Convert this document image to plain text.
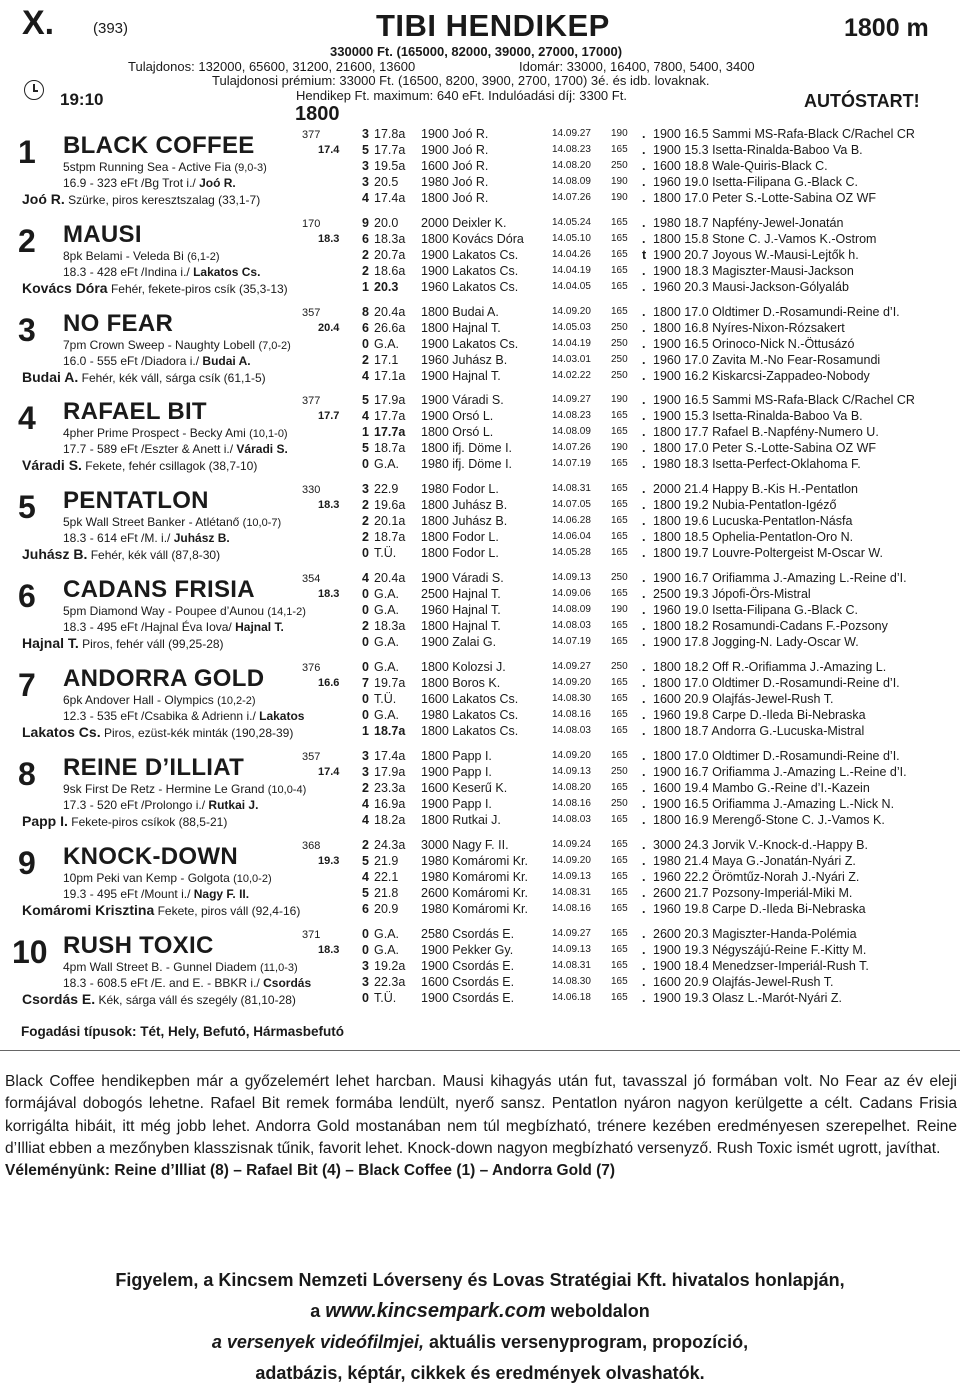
X.	(393)	TIBI HENDIKEP	1800 m
330000 Ft. (165000, 82000, 39000, 27000, 17000)
Tulajdonos: 132000, 65600, 31200, 21600, 13600	Idomár: 33000, 16400, 7800, 5400, 3400
Tulajdonosi prémium: 33000 Ft. (16500, 8200, 3900, 2700, 1700) 3é. és idb. lovaknak.
Hendikep Ft. maximum: 640 eFt. Indulóadási díj: 3300 Ft.
19:10	AUTÓSTART!
1800
1 BLACK COFFEE	377
17.4
5stpm Running Sea - Active Fia (9,0-3)
16.9 - 323 eFt /Bg Trot i./ Joó R.
Joó R. Szürke, piros keresztszalag (33,1-7)
3 17.8a 1900 Joó R.	14.09.27 190 . 1900 16.5 Sammi MS-Rafa-Black C/Rachel CR
5 17.7a 1900 Joó R.	14.08.23 165 . 1900 15.3 Isetta-Rinalda-Baboo Va B.
3 19.5a 1600 Joó R.	14.08.20 250 . 1600 18.8 Wale-Quiris-Black C.
3 20.5 1980 Joó R.	14.08.09 190 . 1960 19.0 Isetta-Filipana G.-Black C.
4 17.4a 1800 Joó R.	14.07.26 190 . 1800 17.0 Peter S.-Lotte-Sabina OZ WF
2 MAUSI	170
18.3
8pk Belami - Veleda Bi (6,1-2)
18.3 - 428 eFt /Indina i./ Lakatos Cs.
Kovács Dóra Fehér, fekete-piros csík (35,3-13)
9 20.0 2000 Deixler K.	14.05.24 165 . 1980 18.7 Napfény-Jewel-Jonatán
6 18.3a 1800 Kovács Dóra	14.05.10 165 . 1800 15.8 Stone C. J.-Vamos K.-Ostrom
2 20.7a 1900 Lakatos Cs.	14.04.26 165 t 1900 20.7 Joyous W.-Mausi-Lejtők h.
2 18.6a 1900 Lakatos Cs.	14.04.19 165 . 1900 18.3 Magiszter-Mausi-Jackson
1 20.3 1960 Lakatos Cs.	14.04.05 165 . 1960 20.3 Mausi-Jackson-Gólyaláb
3 NO FEAR	357
20.4
7pm Crown Sweep - Naughty Lobell (7,0-2)
16.0 - 555 eFt /Diadora i./ Budai A.
Budai A. Fehér, kék váll, sárga csík (61,1-5)
8 20.4a 1800 Budai A.	14.09.20 165 . 1800 17.0 Oldtimer D.-Rosamundi-Reine d’I.
6 26.6a 1800 Hajnal T.	14.05.03 250 . 1800 16.8 Nyíres-Nixon-Rózsakert
0 G.A. 1900 Lakatos Cs.	14.04.19 250 . 1900 16.5 Orinoco-Nick N.-Öttusázó
2 17.1 1960 Juhász B.	14.03.01 250 . 1960 17.0 Zavita M.-No Fear-Rosamundi
4 17.1a 1900 Hajnal T.	14.02.22 250 . 1900 16.2 Kiskarcsi-Zappadeo-Nobody
4 RAFAEL BIT	377
17.7
4pher Prime Prospect - Becky Ami (10,1-0)
17.7 - 589 eFt /Eszter & Anett i./ Váradi S.
Váradi S. Fekete, fehér csillagok (38,7-10)
5 17.9a 1900 Váradi S.	14.09.27 190 . 1900 16.5 Sammi MS-Rafa-Black C/Rachel CR
4 17.7a 1900 Orsó L.	14.08.23 165 . 1900 15.3 Isetta-Rinalda-Baboo Va B.
1 17.7a 1800 Orsó L.	14.08.09 165 . 1800 17.7 Rafael B.-Napfény-Numero U.
5 18.7a 1800 ifj. Döme I.	14.07.26 190 . 1800 17.0 Peter S.-Lotte-Sabina OZ WF
0 G.A. 1980 ifj. Döme I.	14.07.19 165 . 1980 18.3 Isetta-Perfect-Oklahoma F.
5 PENTATLON	330
18.3
5pk Wall Street Banker - Atlétanő (10,0-7)
18.3 - 614 eFt /M. i./ Juhász B.
Juhász B. Fehér, kék váll (87,8-30)
3 22.9 1980 Fodor L.	14.08.31 165 . 2000 21.4 Happy B.-Kis H.-Pentatlon
2 19.6a 1800 Juhász B.	14.07.05 165 . 1800 19.2 Nubia-Pentatlon-Igéző
2 20.1a 1800 Juhász B.	14.06.28 165 . 1800 19.6 Lucuska-Pentatlon-Násfa
2 18.7a 1800 Fodor L.	14.06.04 165 . 1800 18.5 Ophelia-Pentatlon-Oro N.
0 T.Ü. 1800 Fodor L.	14.05.28 165 . 1800 19.7 Louvre-Poltergeist M-Oscar W.
6 CADANS FRISIA	354
18.3
5pm Diamond Way - Poupee d’Aunou (14,1-2)
18.3 - 495 eFt /Hajnal Éva Iova/ Hajnal T.
Hajnal T. Piros, fehér váll (99,25-28)
4 20.4a 1900 Váradi S.	14.09.13 250 . 1900 16.7 Orifiamma J.-Amazing L.-Reine d’I.
0 G.A. 2500 Hajnal T.	14.09.06 165 . 2500 19.3 Jópofi-Örs-Mistral
0 G.A. 1960 Hajnal T.	14.08.09 190 . 1960 19.0 Isetta-Filipana G.-Black C.
2 18.3a 1800 Hajnal T.	14.08.03 165 . 1800 18.2 Rosamundi-Cadans F.-Pozsony
0 G.A. 1900 Zalai G.	14.07.19 165 . 1900 17.8 Jogging-N. Lady-Oscar W.
7 ANDORRA GOLD	376
16.6
6pk Andover Hall - Olympics (10,2-2)
12.3 - 535 eFt /Csabika & Adrienn i./ Lakatos
Lakatos Cs. Piros, ezüst-kék minták (190,28-39)
0 G.A. 1800 Kolozsi J.	14.09.27 250 . 1800 18.2 Off R.-Orifiamma J.-Amazing L.
7 19.7a 1800 Boros K.	14.09.20 165 . 1800 17.0 Oldtimer D.-Rosamundi-Reine d’I.
0 T.Ü. 1600 Lakatos Cs.	14.08.30 165 . 1600 20.9 Olajfás-Jewel-Rush T.
0 G.A. 1980 Lakatos Cs.	14.08.16 165 . 1960 19.8 Carpe D.-Ileda Bi-Nebraska
1 18.7a 1800 Lakatos Cs.	14.08.03 165 . 1800 18.7 Andorra G.-Lucuska-Mistral
8 REINE D’ILLIAT	357
17.4
9sk First De Retz - Hermine Le Grand (10,0-4)
17.3 - 520 eFt /Prolongo i./ Rutkai J.
Papp I. Fekete-piros csíkok (88,5-21)
3 17.4a 1800 Papp I.	14.09.20 165 . 1800 17.0 Oldtimer D.-Rosamundi-Reine d’I.
3 17.9a 1900 Papp I.	14.09.13 250 . 1900 16.7 Orifiamma J.-Amazing L.-Reine d’I.
2 23.3a 1600 Keserű K.	14.08.20 165 . 1600 19.4 Mambo G.-Reine d’I.-Kazein
4 16.9a 1900 Papp I.	14.08.16 250 . 1900 16.5 Orifiamma J.-Amazing L.-Nick N.
4 18.2a 1800 Rutkai J.	14.08.03 165 . 1800 16.9 Merengő-Stone C. J.-Vamos K.
9 KNOCK-DOWN	368
19.3
10pm Peki van Kemp - Golgota (10,0-2)
19.3 - 495 eFt /Mount i./ Nagy F. II.
Komáromi Krisztina Fekete, piros váll (92,4-16)
2 24.3a 3000 Nagy F. II.	14.09.24 165 . 3000 24.3 Jorvik V.-Knock-d.-Happy B.
5 21.9 1980 Komáromi Kr. 14.09.20 165 . 1980 21.4 Maya G.-Jonatán-Nyári Z.
4 22.1 1980 Komáromi Kr. 14.09.13 165 . 1960 22.2 Örömtűz-Norah J.-Nyári Z.
5 21.8 2600 Komáromi Kr. 14.08.31 165 . 2600 21.7 Pozsony-Imperiál-Miki M.
6 20.9 1980 Komáromi Kr. 14.08.16 165 . 1960 19.8 Carpe D.-Ileda Bi-Nebraska
10 RUSH TOXIC	371
18.3
4pm Wall Street B. - Gunnel Diadem (11,0-3)
18.3 - 608.5 eFt /E. and E. - BBKR i./ Csordás
Csordás E. Kék, sárga váll és szegély (81,10-28)
0 G.A. 2580 Csordás E.	14.09.27 165 . 2600 20.3 Magiszter-Handa-Polémia
0 G.A. 1900 Pekker Gy.	14.09.13 165 . 1900 19.3 Négyszájú-Reine F.-Kitty M.
3 19.2a 1900 Csordás E.	14.08.31 165 . 1900 18.4 Menedzser-Imperiál-Rush T.
3 22.3a 1600 Csordás E.	14.08.30 165 . 1600 20.9 Olajfás-Jewel-Rush T.
0 T.Ü. 1900 Csordás E.	14.06.18 165 . 1900 19.3 Olasz L.-Marót-Nyári Z.
Fogadási típusok: Tét, Hely, Befutó, Hármasbefutó
Black Coffee hendikepben már a győzelemért lehet harcban. Mausi kihagyás után fut, tavasszal jó formában volt. No Fear az év eleji formájával dobogós lehetne. Rafael Bit remek formába lendült, nyerő sansz. Pentatlon nyáron nagyon kerülgette a célt. Cadans Frisia korrigálta hibáit, itt még jobb lehet. Andorra Gold mostanában nem túl megbízható, trénere kezében eredményesen szerepelhet. Reine d’Illiat ebben a mezőnyben klasszisnak tűnik, favorit lehet. Knock-down nagyon megbízható versenyző. Rush Toxic ismét ugrott, javíthat.
Véleményünk: Reine d’Illiat (8) – Rafael Bit (4) – Black Coffee (1) – Andorra Gold (7)
Figyelem, a Kincsem Nemzeti Lóverseny és Lovas Stratégiai Kft. hivatalos honlapján,
a www.kincsempark.com weboldalon
a versenyek videófilmjei, aktuális versenyprogram, propozíció,
adatbázis, képtár, cikkek és eredmények olvashatók.
